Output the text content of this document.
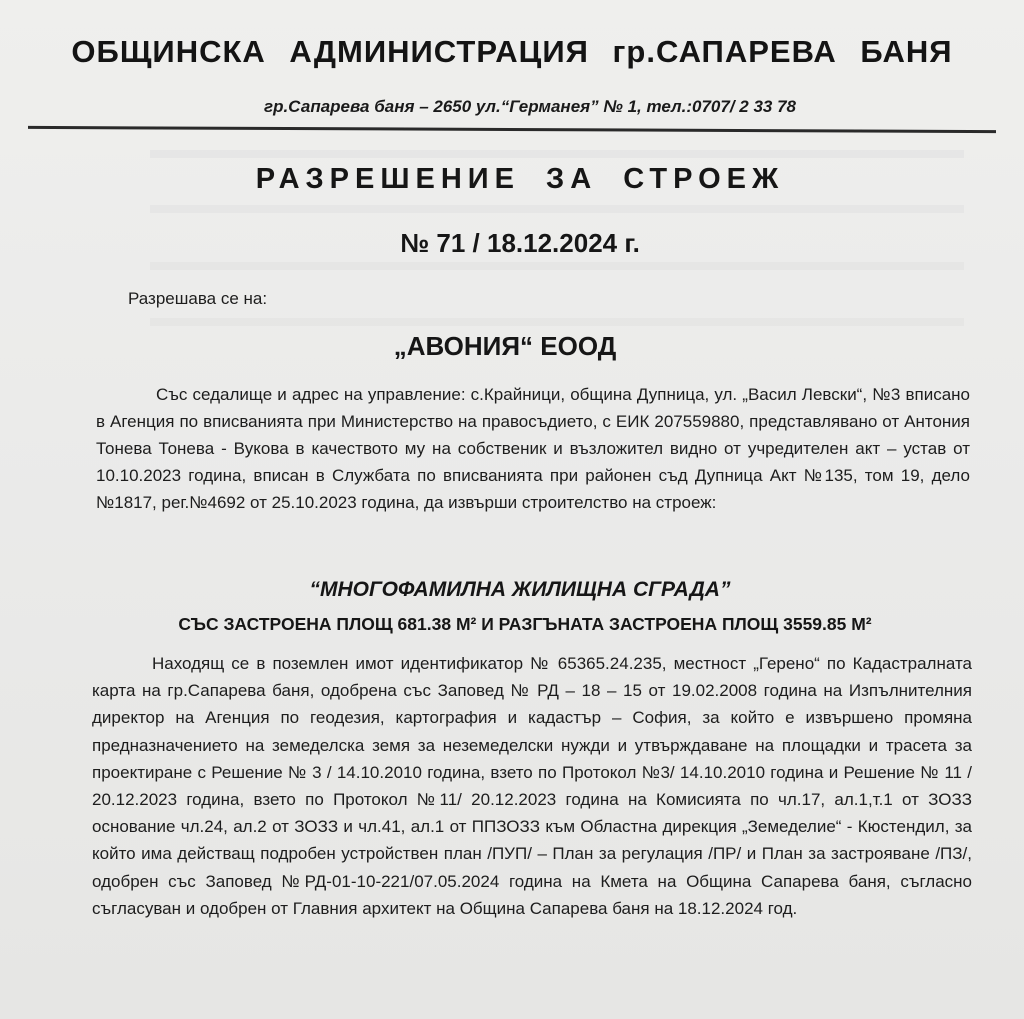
ОБЩИНСКА АДМИНИСТРАЦИЯ гр.САПАРЕВА БАНЯ
гр.Сапарева баня – 2650 ул.“Германея” № 1, тел.:0707/ 2 33 78
РАЗРЕШЕНИЕ ЗА СТРОЕЖ
№ 71 / 18.12.2024 г.
Разрешава се на:
„АВОНИЯ“ ЕООД
Със седалище и адрес на управление: с.Крайници, община Дупница, ул. „Васил Левски“, №3 вписано в Агенция по вписванията при Министерство на правосъдието, с ЕИК 207559880, представлявано от Антония Тонева Тонева - Вукова в качеството му на собственик и възложител видно от учредителен акт – устав от 10.10.2023 година, вписан в Службата по вписванията при районен съд Дупница Акт №135, том 19, дело №1817, рег.№4692 от 25.10.2023 година, да извърши строителство на строеж:
“МНОГОФАМИЛНА ЖИЛИЩНА СГРАДА”
СЪС ЗАСТРОЕНА ПЛОЩ 681.38 М² И РАЗГЪНАТА ЗАСТРОЕНА ПЛОЩ 3559.85 М²
Находящ се в поземлен имот идентификатор № 65365.24.235, местност „Герено“ по Кадастралната карта на гр.Сапарева баня, одобрена със Заповед № РД – 18 – 15 от 19.02.2008 година на Изпълнителния директор на Агенция по геодезия, картография и кадастър – София, за който е извършено промяна предназначението на земеделска земя за неземеделски нужди и утвърждаване на площадки и трасета за проектиране с Решение № 3 / 14.10.2010 година, взето по Протокол №3/ 14.10.2010 година и Решение № 11 / 20.12.2023 година, взето по Протокол №11/ 20.12.2023 година на Комисията по чл.17, ал.1,т.1 от ЗОЗЗ основание чл.24, ал.2 от ЗОЗЗ и чл.41, ал.1 от ППЗОЗЗ към Областна дирекция „Земеделие“ - Кюстендил, за който има действащ подробен устройствен план /ПУП/ – План за регулация /ПР/ и План за застрояване /ПЗ/, одобрен със Заповед №РД-01-10-221/07.05.2024 година на Кмета на Община Сапарева баня, съгласно съгласуван и одобрен от Главния архитект на Община Сапарева баня на 18.12.2024 год.
